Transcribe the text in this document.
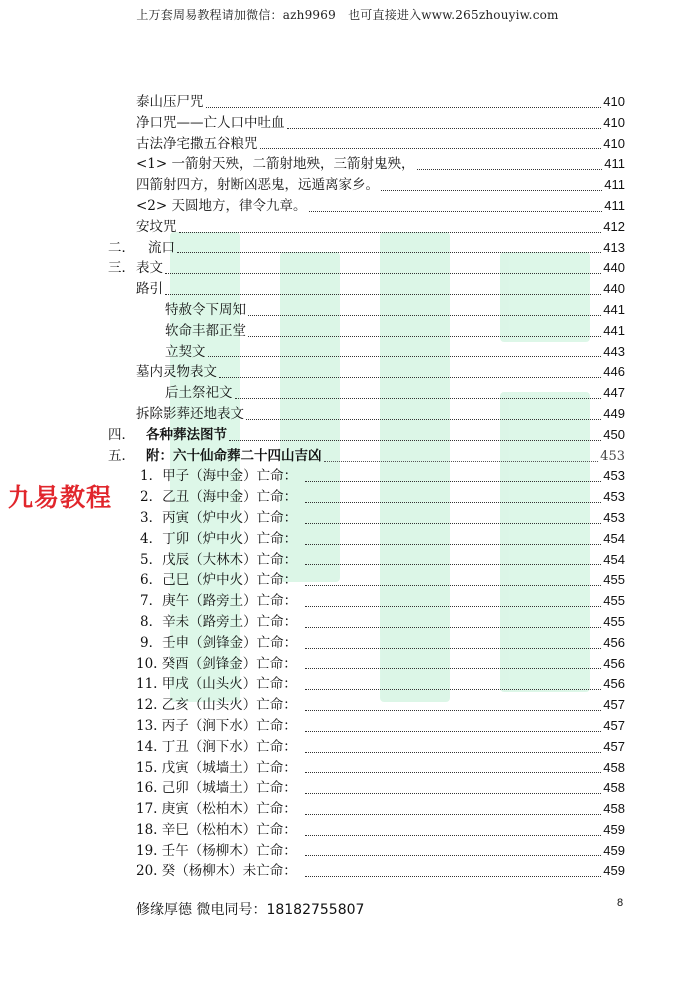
上万套周易教程请加微信：azh9969　也可直接进入www.265zhouyiw.com
九易教程
泰山压尸咒	410
净口咒——亡人口中吐血	410
古法净宅撒五谷粮咒	410
<1> 一箭射天殃，二箭射地殃，三箭射鬼殃，	411
四箭射四方，射断凶恶鬼，远遁离家乡。	411
<2> 天圆地方，律令九章。	411
安坟咒	412
二． 流口	413
三． 表文	440
路引	440
特赦令下周知	441
软命丰都正堂	441
立契文	443
墓内灵物表文	446
后土祭祀文	447
拆除影葬还地表文	449
四． 各种葬法图节	450
五． 附：六十仙命葬二十四山吉凶	453
1．甲子（海中金）亡命：	453
2．乙丑（海中金）亡命：	453
3．丙寅（炉中火）亡命：	453
4．丁卯（炉中火）亡命：	454
5．戊辰（大林木）亡命：	454
6．己巳（炉中火）亡命：	455
7．庚午（路旁土）亡命：	455
8．辛未（路旁土）亡命：	455
9．壬申（剑锋金）亡命：	456
10. 癸酉（剑锋金）亡命：	456
11. 甲戌（山头火）亡命：	456
12. 乙亥（山头火）亡命：	457
13. 丙子（涧下水）亡命：	457
14. 丁丑（涧下水）亡命：	457
15. 戊寅（城墙土）亡命：	458
16. 己卯（城墙土）亡命：	458
17. 庚寅（松柏木）亡命：	458
18. 辛巳（松柏木）亡命：	459
19. 壬午（杨柳木）亡命：	459
20. 癸（杨柳木）未亡命：	459
修缘厚德 微电同号：18182755807	8
